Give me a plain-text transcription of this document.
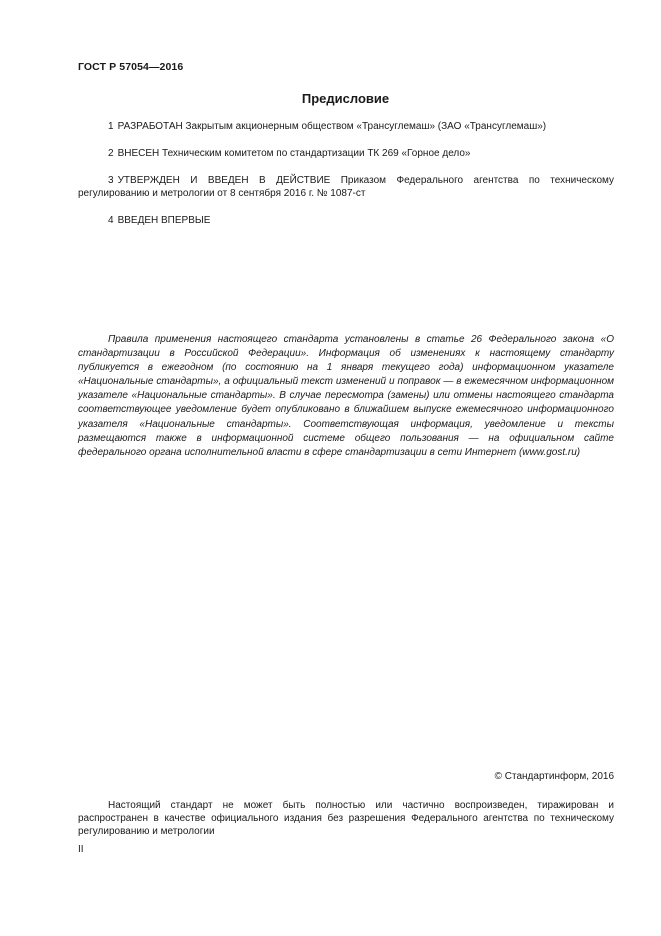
ГОСТ Р 57054—2016
Предисловие
1 РАЗРАБОТАН Закрытым акционерным обществом «Трансуглемаш» (ЗАО «Трансуглемаш»)
2 ВНЕСЕН Техническим комитетом по стандартизации ТК 269 «Горное дело»
3 УТВЕРЖДЕН И ВВЕДЕН В ДЕЙСТВИЕ Приказом Федерального агентства по техническому регулированию и метрологии от 8 сентября 2016 г. № 1087-ст
4 ВВЕДЕН ВПЕРВЫЕ
Правила применения настоящего стандарта установлены в статье 26 Федерального закона «О стандартизации в Российской Федерации». Информация об изменениях к настоящему стандарту публикуется в ежегодном (по состоянию на 1 января текущего года) информационном указателе «Национальные стандарты», а официальный текст изменений и поправок — в ежемесячном информационном указателе «Национальные стандарты». В случае пересмотра (замены) или отмены настоящего стандарта соответствующее уведомление будет опубликовано в ближайшем выпуске ежемесячного информационного указателя «Национальные стандарты». Соответствующая информация, уведомление и тексты размещаются также в информационной системе общего пользования — на официальном сайте федерального органа исполнительной власти в сфере стандартизации в сети Интернет (www.gost.ru)
© Стандартинформ, 2016
Настоящий стандарт не может быть полностью или частично воспроизведен, тиражирован и распространен в качестве официального издания без разрешения Федерального агентства по техническому регулированию и метрологии
II
